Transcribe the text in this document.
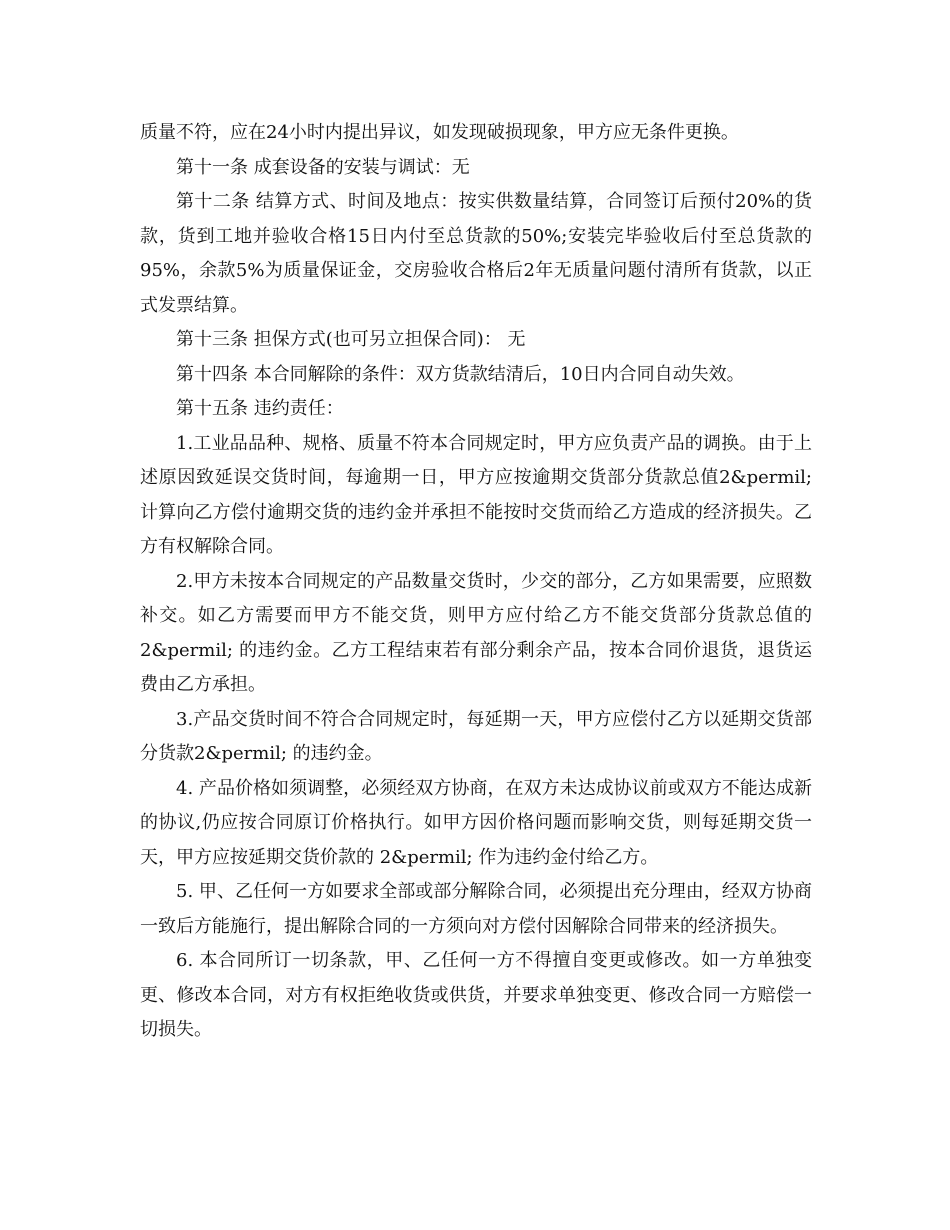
质量不符，应在24小时内提出异议，如发现破损现象，甲方应无条件更换。

第十一条 成套设备的安装与调试：无

第十二条 结算方式、时间及地点：按实供数量结算，合同签订后预付20%的货款，货到工地并验收合格15日内付至总货款的50%;安装完毕验收后付至总货款的95%，余款5%为质量保证金，交房验收合格后2年无质量问题付清所有货款，以正式发票结算。

第十三条 担保方式(也可另立担保合同)： 无

第十四条 本合同解除的条件：双方货款结清后，10日内合同自动失效。

第十五条 违约责任：

1.工业品品种、规格、质量不符本合同规定时，甲方应负责产品的调换。由于上述原因致延误交货时间，每逾期一日，甲方应按逾期交货部分货款总值2&permil; 计算向乙方偿付逾期交货的违约金并承担不能按时交货而给乙方造成的经济损失。乙方有权解除合同。

2.甲方未按本合同规定的产品数量交货时，少交的部分，乙方如果需要，应照数补交。如乙方需要而甲方不能交货，则甲方应付给乙方不能交货部分货款总值的2&permil; 的违约金。乙方工程结束若有部分剩余产品，按本合同价退货，退货运费由乙方承担。

3.产品交货时间不符合合同规定时，每延期一天，甲方应偿付乙方以延期交货部分货款2&permil; 的违约金。

4. 产品价格如须调整，必须经双方协商，在双方未达成协议前或双方不能达成新的协议,仍应按合同原订价格执行。如甲方因价格问题而影响交货，则每延期交货一天，甲方应按延期交货价款的 2&permil; 作为违约金付给乙方。

5. 甲、乙任何一方如要求全部或部分解除合同，必须提出充分理由，经双方协商一致后方能施行，提出解除合同的一方须向对方偿付因解除合同带来的经济损失。

6. 本合同所订一切条款，甲、乙任何一方不得擅自变更或修改。如一方单独变更、修改本合同，对方有权拒绝收货或供货，并要求单独变更、修改合同一方赔偿一切损失。
